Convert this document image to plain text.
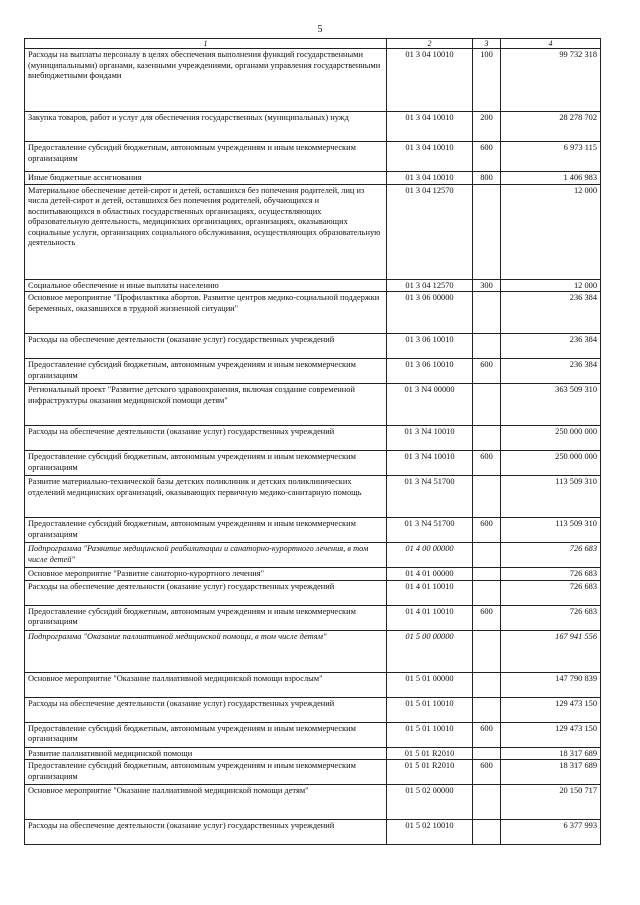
5
1	2	3	4
Расходы на выплаты персоналу в целях обеспечения выполнения функций государственными (муниципальными) органами, казенными учреждениями, органами управления государственными внебюджетными фондами	01 3 04 10010	100	99 732 318
Закупка товаров, работ и услуг для обеспечения государственных (муниципальных) нужд	01 3 04 10010	200	28 278 702
Предоставление субсидий бюджетным, автономным учреждениям и иным некоммерческим организациям	01 3 04 10010	600	6 973 115
Иные бюджетные ассигнования	01 3 04 10010	800	1 406 983
Материальное обеспечение детей-сирот и детей, оставшихся без попечения родителей, лиц из числа детей-сирот и детей, оставшихся без попечения родителей, обучающихся и воспитывающихся в областных государственных организациях, осуществляющих образовательную деятельность, медицинских организациях, организациях, оказывающих социальные услуги, организациях социального обслуживания, осуществляющих образовательную деятельность	01 3 04 12570		12 000
Социальное обеспечение и иные выплаты населению	01 3 04 12570	300	12 000
Основное мероприятие "Профилактика абортов. Развитие центров медико-социальной поддержки беременных, оказавшихся в трудной жизненной ситуации"	01 3 06 00000		236 384
Расходы на обеспечение деятельности (оказание услуг) государственных учреждений	01 3 06 10010		236 384
Предоставление субсидий бюджетным, автономным учреждениям и иным некоммерческим организациям	01 3 06 10010	600	236 384
Региональный проект "Развитие детского здравоохранения, включая создание современной инфраструктуры оказания медицинской помощи детям"	01 3 N4 00000		363 509 310
Расходы на обеспечение деятельности (оказание услуг) государственных учреждений	01 3 N4 10010		250 000 000
Предоставление субсидий бюджетным, автономным учреждениям и иным некоммерческим организациям	01 3 N4 10010	600	250 000 000
Развитие материально-технической базы детских поликлиник и детских поликлинических отделений медицинских организаций, оказывающих первичную медико-санитарную помощь	01 3 N4 51700		113 509 310
Предоставление субсидий бюджетным, автономным учреждениям и иным некоммерческим организациям	01 3 N4 51700	600	113 509 310
Подпрограмма "Развитие медицинской реабилитации и санаторно-курортного лечения, в том числе детей"	01 4 00 00000		726 683
Основное мероприятие "Развитие санаторно-курортного лечения"	01 4 01 00000		726 683
Расходы на обеспечение деятельности (оказание услуг) государственных учреждений	01 4 01 10010		726 683
Предоставление субсидий бюджетным, автономным учреждениям и иным некоммерческим организациям	01 4 01 10010	600	726 683
Подпрограмма "Оказание паллиативной медицинской помощи, в том числе детям"	01 5 00 00000		167 941 556
Основное мероприятие "Оказание паллиативной медицинской помощи взрослым"	01 5 01 00000		147 790 839
Расходы на обеспечение деятельности (оказание услуг) государственных учреждений	01 5 01 10010		129 473 150
Предоставление субсидий бюджетным, автономным учреждениям и иным некоммерческим организациям	01 5 01 10010	600	129 473 150
Развитие паллиативной медицинской помощи	01 5 01 R2010		18 317 689
Предоставление субсидий бюджетным, автономным учреждениям и иным некоммерческим организациям	01 5 01 R2010	600	18 317 689
Основное мероприятие "Оказание паллиативной медицинской помощи детям"	01 5 02 00000		20 150 717
Расходы на обеспечение деятельности (оказание услуг) государственных учреждений	01 5 02 10010		6 377 993
